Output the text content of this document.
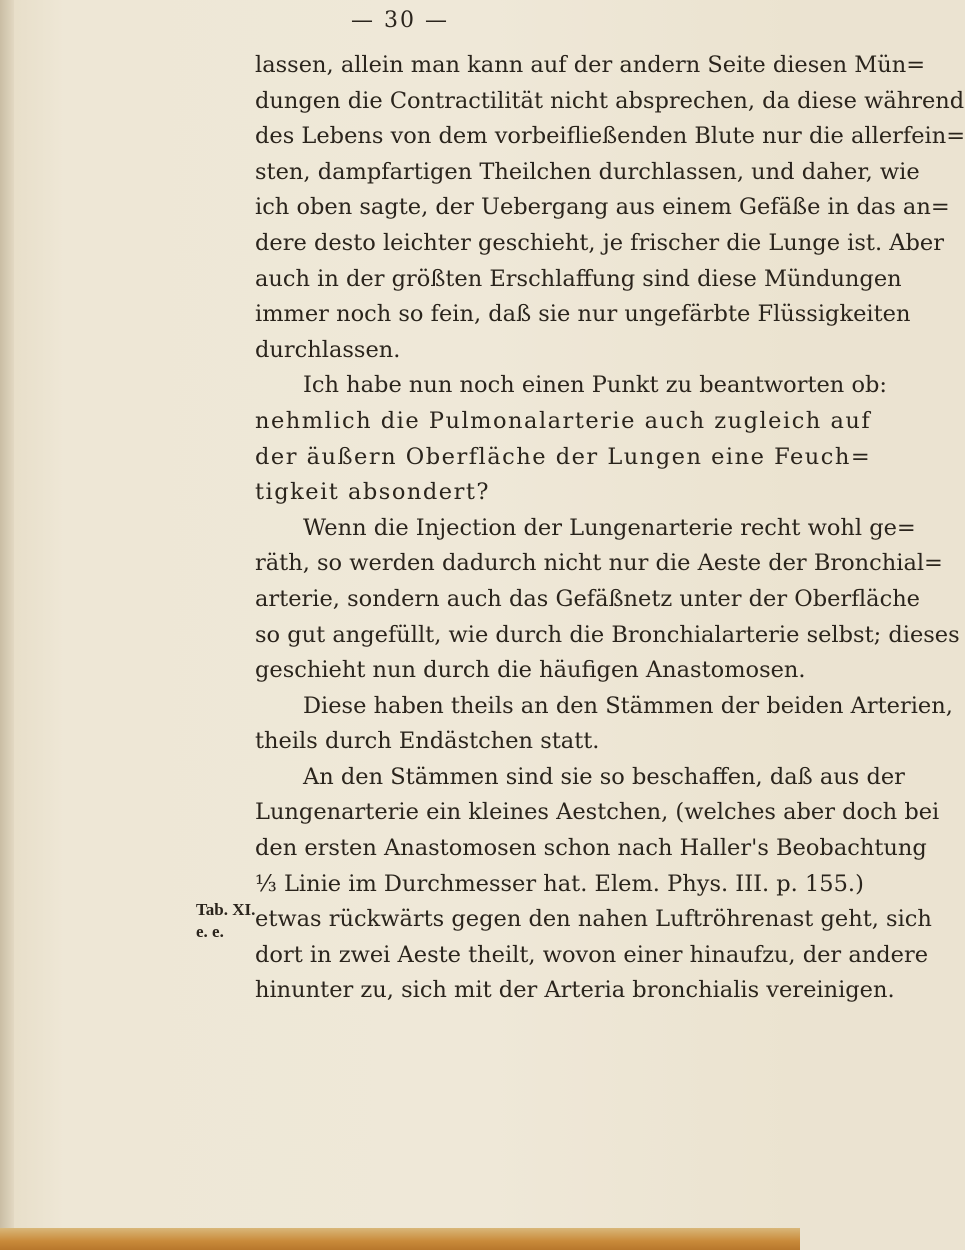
— 30 —
Tab. XI.
e. e.
lassen, allein man kann auf der andern Seite diesen Mün=
dungen die Contractilität nicht absprechen, da diese während
des Lebens von dem vorbeifließenden Blute nur die allerfein=
sten, dampfartigen Theilchen durchlassen, und daher, wie
ich oben sagte, der Uebergang aus einem Gefäße in das an=
dere desto leichter geschieht, je frischer die Lunge ist. Aber
auch in der größten Erschlaffung sind diese Mündungen
immer noch so fein, daß sie nur ungefärbte Flüssigkeiten
durchlassen.
Ich habe nun noch einen Punkt zu beantworten ob:
nehmlich die Pulmonalarterie auch zugleich auf
der äußern Oberfläche der Lungen eine Feuch=
tigkeit absondert?
Wenn die Injection der Lungenarterie recht wohl ge=
räth, so werden dadurch nicht nur die Aeste der Bronchial=
arterie, sondern auch das Gefäßnetz unter der Oberfläche
so gut angefüllt, wie durch die Bronchialarterie selbst; dieses
geschieht nun durch die häufigen Anastomosen.
Diese haben theils an den Stämmen der beiden Arterien,
theils durch Endästchen statt.
An den Stämmen sind sie so beschaffen, daß aus der
Lungenarterie ein kleines Aestchen, (welches aber doch bei
den ersten Anastomosen schon nach Haller's Beobachtung
⅓ Linie im Durchmesser hat. Elem. Phys. III. p. 155.)
etwas rückwärts gegen den nahen Luftröhrenast geht, sich
dort in zwei Aeste theilt, wovon einer hinaufzu, der andere
hinunter zu, sich mit der Arteria bronchialis vereinigen.
